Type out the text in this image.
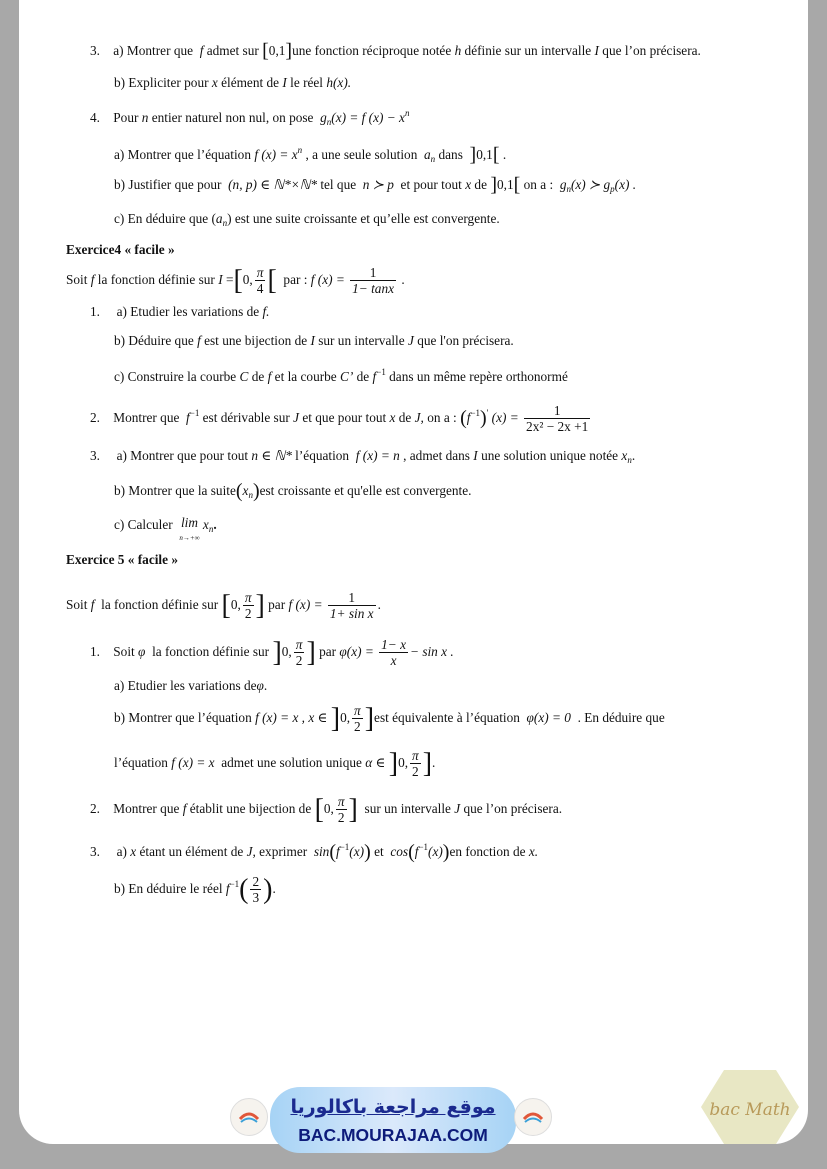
3. a) Montrer que f admet sur [0,1]une fonction réciproque notée h définie sur un intervalle I que l’on précisera.
b) Expliciter pour x élément de I le réel h(x).
4. Pour n entier naturel non nul, on pose $g_n(x) = f$ $(x) - x^n$
a) Montrer que l’équation f $(x) = x^n$ , a une seule solution $a_n$ dans ]0,1[ .
b) Justifier que pour (n, p) ∈ ℕ*×ℕ* tel que n ≻ p et pour tout x de ]0,1[ on a : $g_n(x)$ ≻ $g_p(x)$ .
c) En déduire que $(a_n)$ est une suite croissante et qu’elle est convergente.
Exercice4 « facile »
Soit f la fonction définie sur I =[0, $\frac{\pi}{4}$ [ par : f $(x) = \frac{1}{1- \tan x}$ .
1. a) Etudier les variations de f.
b) Déduire que f est une bijection de I sur un intervalle J que l'on précisera.
c) Construire la courbe C de f et la courbe C’ de $f^{-1}$ dans un même repère orthonormé
2. Montrer que $f^{-1}$ est dérivable sur J et que pour tout x de J, on a : $(f^{-1})'$ $(x) = \frac{1}{\text{2x² − 2x +1}}$
3. a) Montrer que pour tout n ∈ ℕ* l’équation f (x) = n , admet dans I une solution unique notée $x_n$.
b) Montrer que la $suite(x_n)est$ croissante et qu'elle est convergente.
c) Calculer lim
n→+∞ $x_n$.
Exercice 5 « facile »
Soit f la fonction définie sur [0, $\frac{\pi}{2}$ ] par f $(x) = \frac{1}{\text{1+ sin x}}$ .
1. Soit φ la fonction définie sur ]0, $\frac{\pi}{2}$ ] par $\varphi(x) = \frac{1- x}{x} - \sin x$ .
a) Etudier les variations deφ.
b) Montrer que l’équation f (x) = x , x ∈ ]0, $\frac{\pi}{2} ]est$ équivalente à l’équation φ(x) = 0 . En déduire que
l’équation f (x) = x admet une solution unique α ∈ ]0, $\frac{\pi}{2}$ ].
2. Montrer que f établit une bijection de [0, $\frac{\pi}{2}$ ] sur un intervalle J que l’on précisera.
3. a) x étant un élément de J, exprimer $\sin(f^{-1}(x))$ et $\cos(f^{-1}(x))en$ fonction de x.
b) En déduire le réel $f^{-1}( \frac{2}{3}$ ).
موقع مراجعة باكالوريا
BAC.MOURAJAA.COM
bac Math
